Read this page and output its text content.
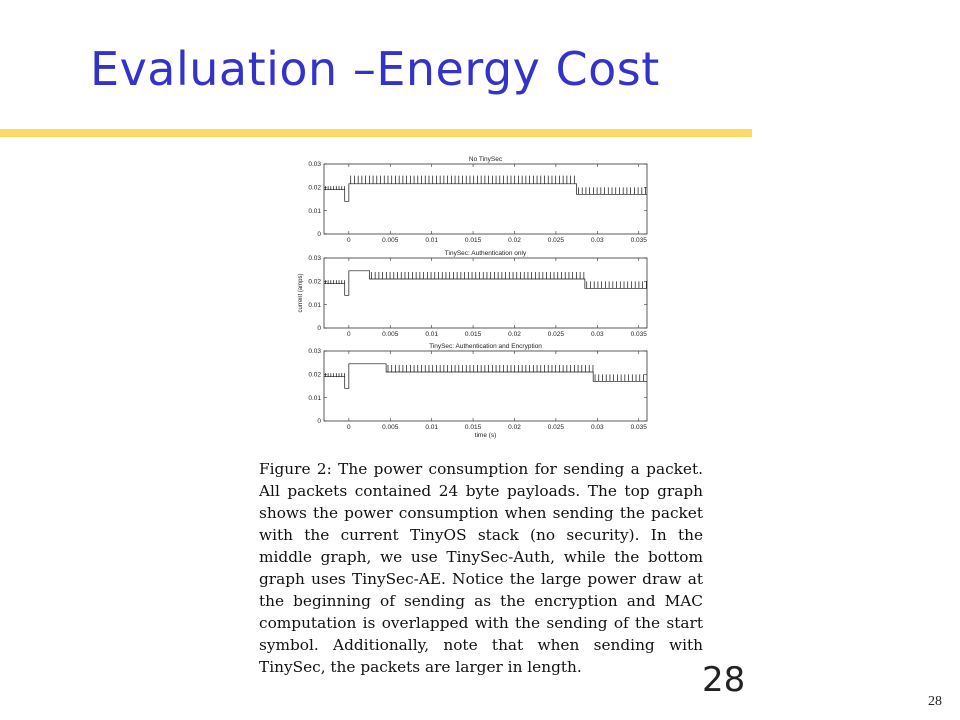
Evaluation –Energy Cost
No TinySec
0
0.01
0.02
0.03
0	0.005	0.01	0.015	0.02	0.025	0.03	0.035
TinySec: Authentication only
0
0.01
0.02
0.03
0	0.005	0.01	0.015	0.02	0.025	0.03	0.035
current (amps)
TinySec: Authentication and Encryption
0
0.01
0.02
0.03
0	0.005	0.01	0.015	0.02	0.025	0.03	0.035
time (s)
Figure 2: The power consumption for sending a packet. All packets contained 24 byte payloads. The top graph shows the power consumption when sending the packet with the current TinyOS stack (no security). In the middle graph, we use TinySec-Auth, while the bottom graph uses TinySec-AE. Notice the large power draw at the beginning of sending as the encryption and MAC computation is overlapped with the sending of the start symbol. Additionally, note that when sending with TinySec, the packets are larger in length.	28
28
